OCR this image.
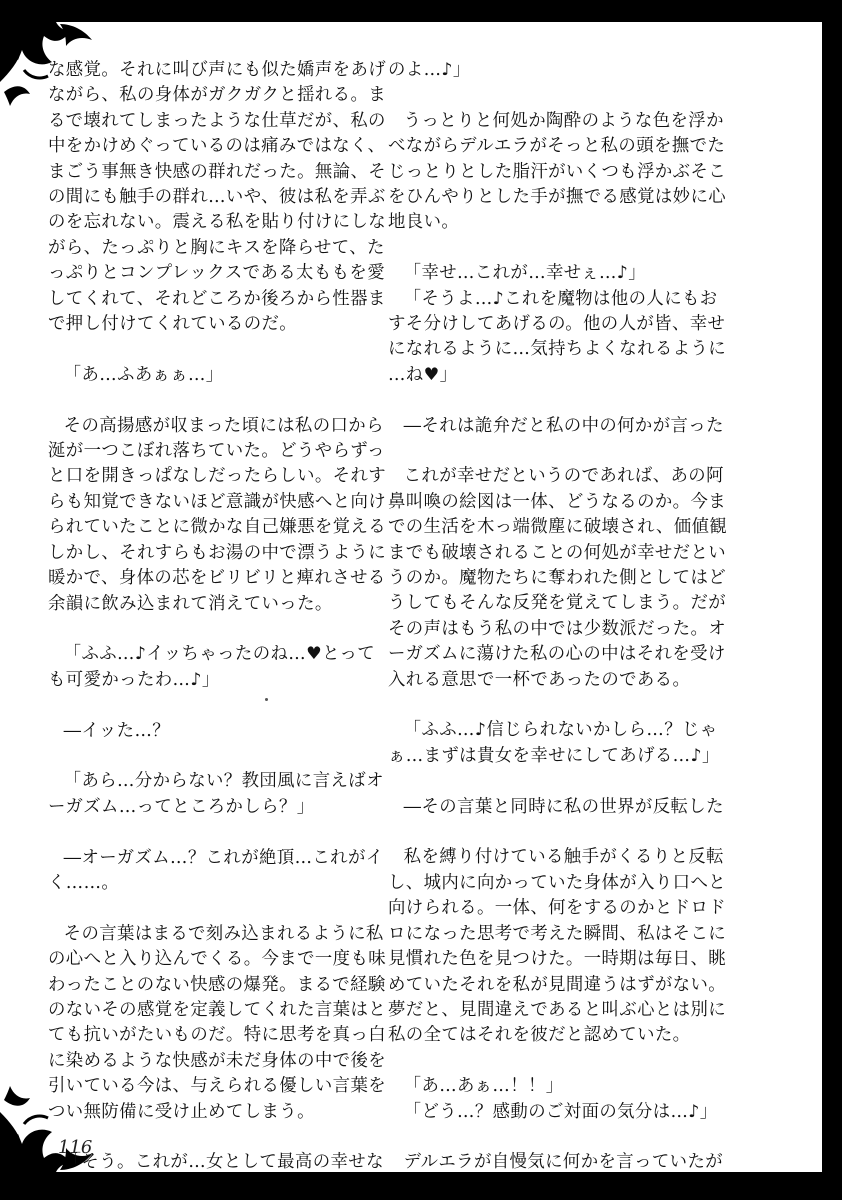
な感覚。それに叫び声にも似た嬌声をあげ

ながら、私の身体がガクガクと揺れる。ま

るで壊れてしまったような仕草だが、私の

中をかけめぐっているのは痛みではなく、

まごう事無き快感の群れだった。無論、そ

の間にも触手の群れ…いや、彼は私を弄ぶ

のを忘れない。震える私を貼り付けにしな

がら、たっぷりと胸にキスを降らせて、た

っぷりとコンプレックスである太ももを愛

してくれて、それどころか後ろから性器ま

で押し付けてくれているのだ。

「あ…ふあぁぁ…」

その高揚感が収まった頃には私の口から

涎が一つこぼれ落ちていた。どうやらずっ

と口を開きっぱなしだったらしい。それす

らも知覚できないほど意識が快感へと向け

られていたことに微かな自己嫌悪を覚える

しかし、それすらもお湯の中で漂うように

暖かで、身体の芯をビリビリと痺れさせる

余韻に飲み込まれて消えていった。

「ふふ…♪イッちゃったのね…♥とって

も可愛かったわ…♪」

―イッた…？

「あら…分からない？教団風に言えばオ

ーガズム…ってところかしら？」

―オーガズム…？これが絶頂…これがイ

く……。

その言葉はまるで刻み込まれるように私

の心へと入り込んでくる。今まで一度も味

わったことのない快感の爆発。まるで経験

のないその感覚を定義してくれた言葉はと

ても抗いがたいものだ。特に思考を真っ白

に染めるような快感が未だ身体の中で後を

引いている今は、与えられる優しい言葉を

つい無防備に受け止めてしまう。

「そう。これが…女として最高の幸せな

のよ…♪」

うっとりと何処か陶酔のような色を浮か

べながらデルエラがそっと私の頭を撫でた

じっとりとした脂汗がいくつも浮かぶそこ

をひんやりとした手が撫でる感覚は妙に心

地良い。

「幸せ…これが…幸せぇ…♪」

「そうよ…♪これを魔物は他の人にもお

すそ分けしてあげるの。他の人が皆、幸せ

になれるように…気持ちよくなれるように

…ね♥」

―それは詭弁だと私の中の何かが言った

これが幸せだというのであれば、あの阿

鼻叫喚の絵図は一体、どうなるのか。今ま

での生活を木っ端微塵に破壊され、価値観

までも破壊されることの何処が幸せだとい

うのか。魔物たちに奪われた側としてはど

うしてもそんな反発を覚えてしまう。だが

その声はもう私の中では少数派だった。オ

ーガズムに蕩けた私の心の中はそれを受け

入れる意思で一杯であったのである。

「ふふ…♪信じられないかしら…？じゃ

ぁ…まずは貴女を幸せにしてあげる…♪」

―その言葉と同時に私の世界が反転した

私を縛り付けている触手がくるりと反転

し、城内に向かっていた身体が入り口へと

向けられる。一体、何をするのかとドロド

ロになった思考で考えた瞬間、私はそこに

見慣れた色を見つけた。一時期は毎日、眺

めていたそれを私が見間違うはずがない。

夢だと、見間違えであると叫ぶ心とは別に

私の全てはそれを彼だと認めていた。

「あ…あぁ…！！」

「どう…？感動のご対面の気分は…♪」

デルエラが自慢気に何かを言っていたが

116
